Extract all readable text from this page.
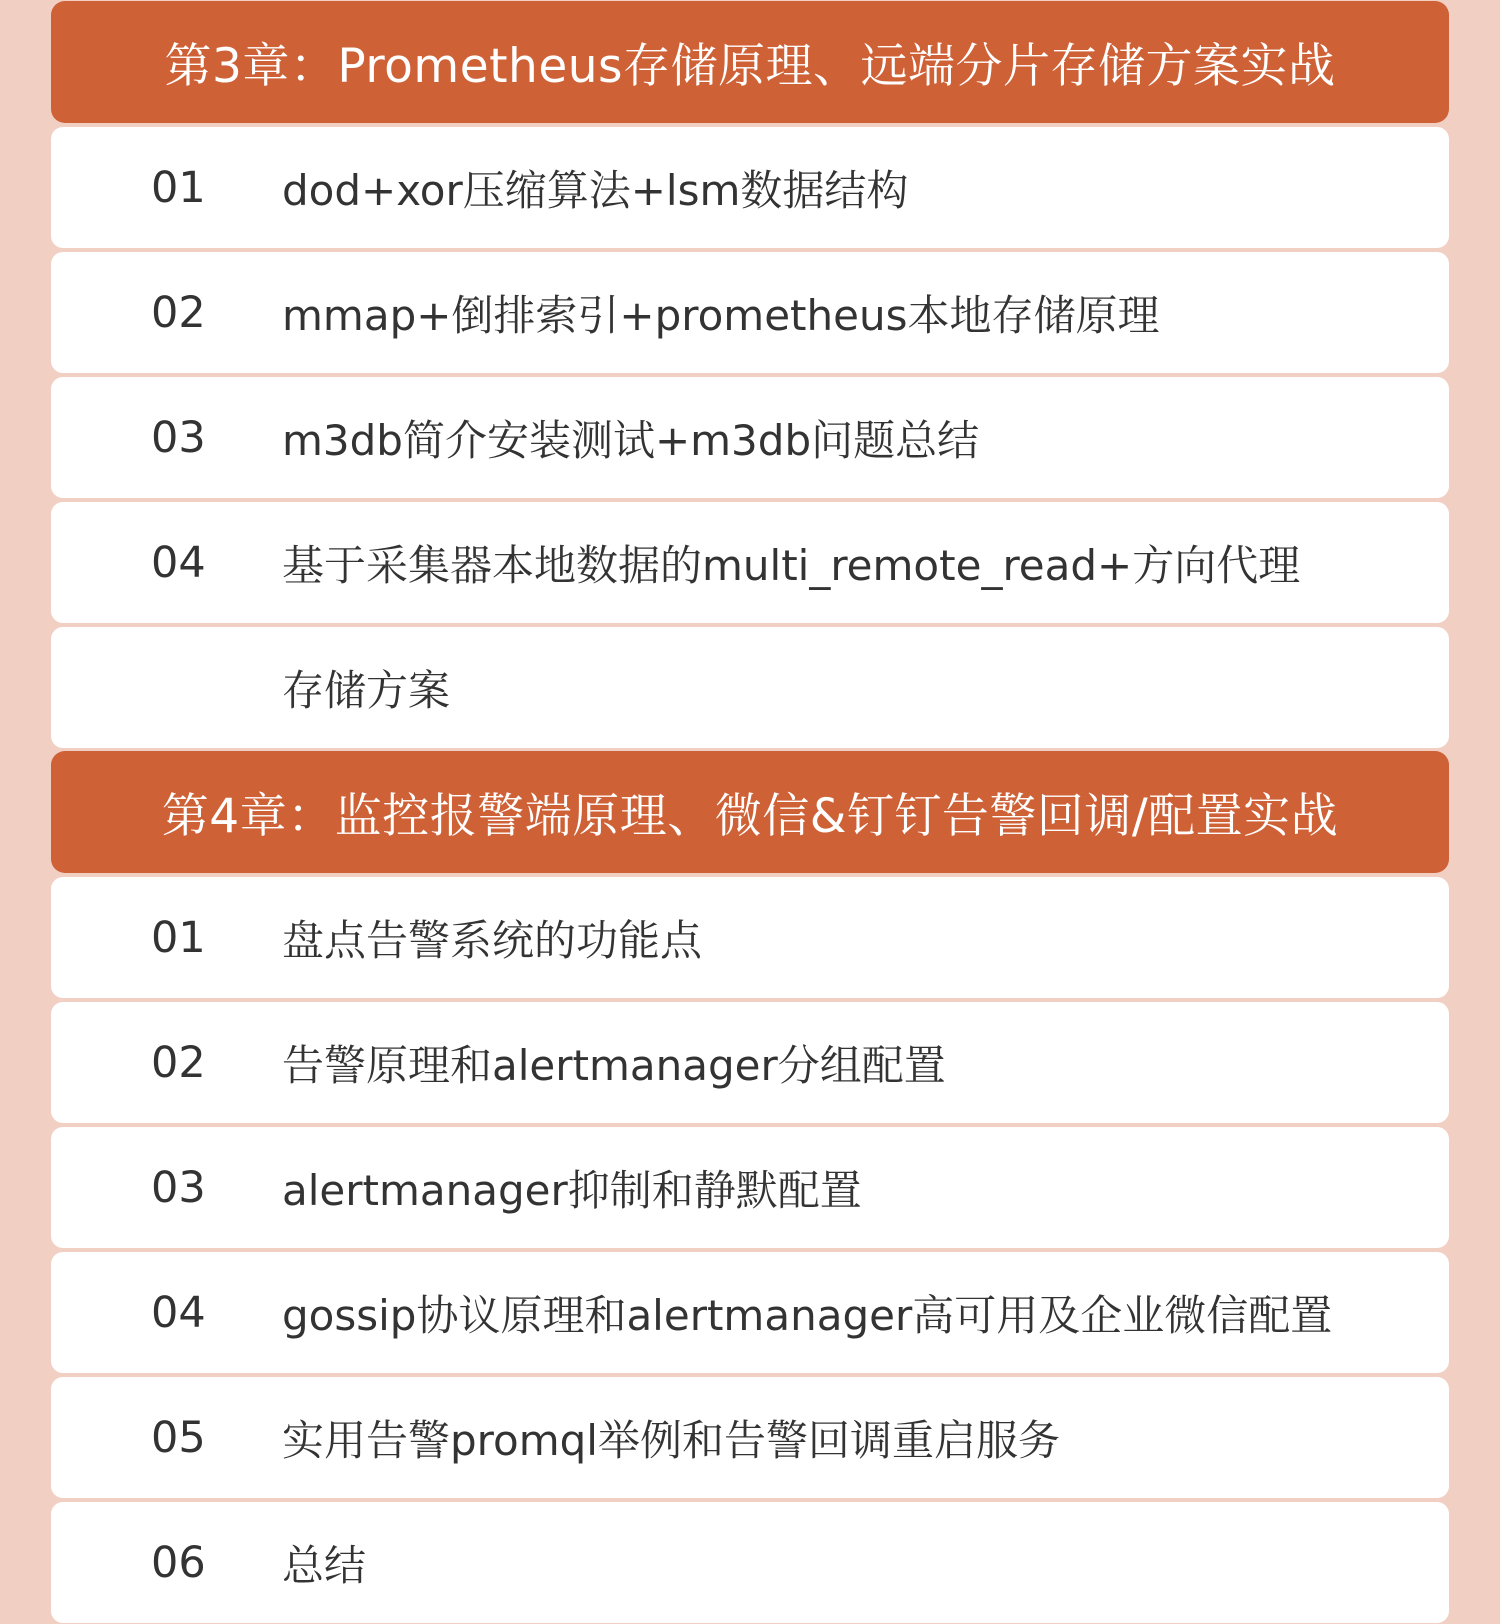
第3章：Prometheus存储原理、远端分片存储方案实战
01	dod+xor压缩算法+lsm数据结构
02	mmap+倒排索引+prometheus本地存储原理
03	m3db简介安装测试+m3db问题总结
04	基于采集器本地数据的multi_remote_read+方向代理
存储方案
第4章：监控报警端原理、微信&钉钉告警回调/配置实战
01	盘点告警系统的功能点
02	告警原理和alertmanager分组配置
03	alertmanager抑制和静默配置
04	gossip协议原理和alertmanager高可用及企业微信配置
05	实用告警promql举例和告警回调重启服务
06	总结
